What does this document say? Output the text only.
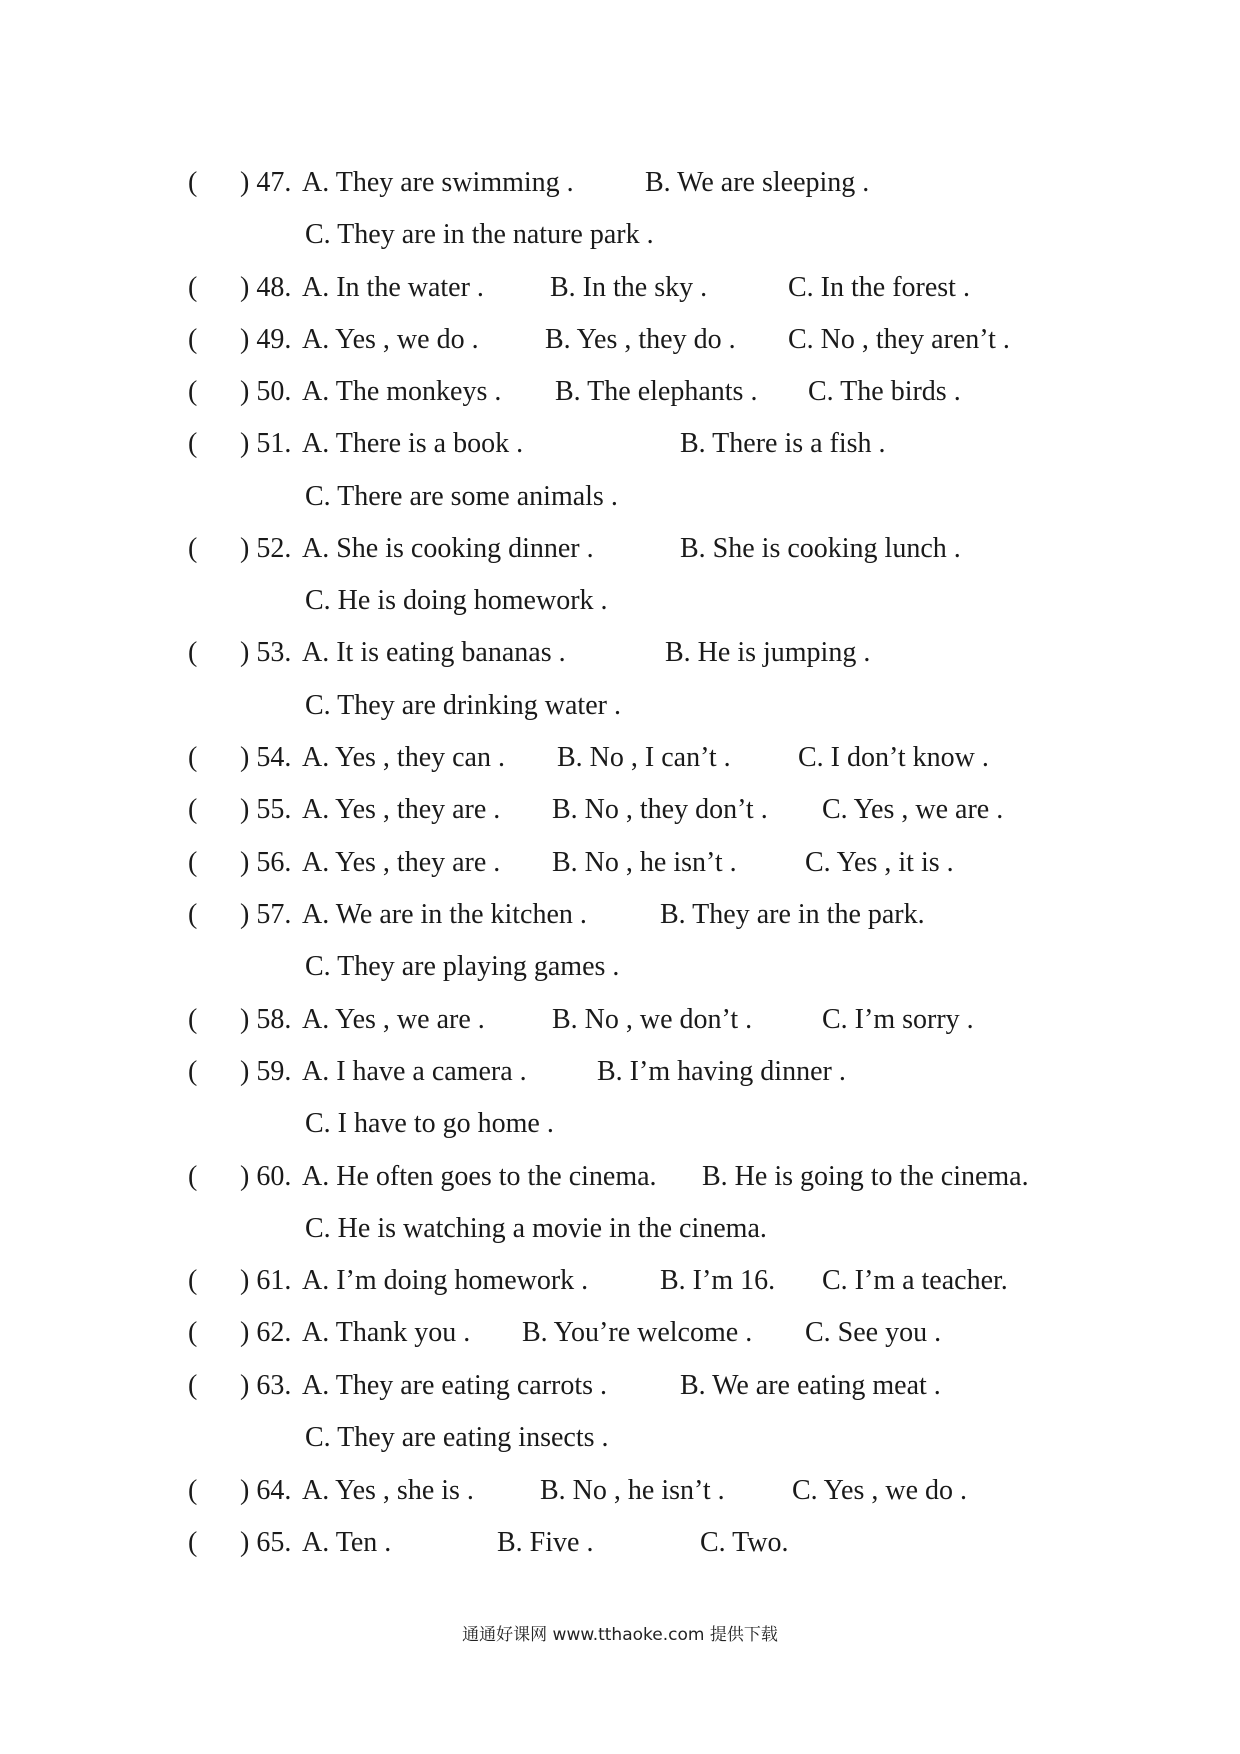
( ) 47. A. They are swimming .	B. We are sleeping .
C. They are in the nature park .
( ) 48. A. In the water . B. In the sky .	C. In the forest .
( ) 49. A. Yes , we do . B. Yes , they do . C. No , they aren’t .
( ) 50. A. The monkeys . B. The elephants . C. The birds .
( ) 51. A. There is a book .	B. There is a fish .
C. There are some animals .
( ) 52. A. She is cooking dinner .	B. She is cooking lunch .
C. He is doing homework .
( ) 53. A. It is eating bananas .	B. He is jumping .
C. They are drinking water .
( ) 54. A. Yes , they can . B. No , I can’t . C. I don’t know .
( ) 55. A. Yes , they are . B. No , they don’t . C. Yes , we are .
( ) 56. A. Yes , they are . B. No , he isn’t . C. Yes , it is .
( ) 57. A. We are in the kitchen .	B. They are in the park.
C. They are playing games .
( ) 58. A. Yes , we are . B. No , we don’t . C. I’m sorry .
( ) 59. A. I have a camera .	B. I’m having dinner .
C. I have to go home .
( ) 60. A. He often goes to the cinema. B. He is going to the cinema.
C. He is watching a movie in the cinema.
( ) 61. A. I’m doing homework .	B. I’m 16. C. I’m a teacher.
( ) 62. A. Thank you . B. You’re welcome . C. See you .
( ) 63. A. They are eating carrots .	B. We are eating meat .
C. They are eating insects .
( ) 64. A. Yes , she is . B. No , he isn’t . C. Yes , we do .
( ) 65. A. Ten .	B. Five .	C. Two.
通通好课网 www.tthaoke.com 提供下载
